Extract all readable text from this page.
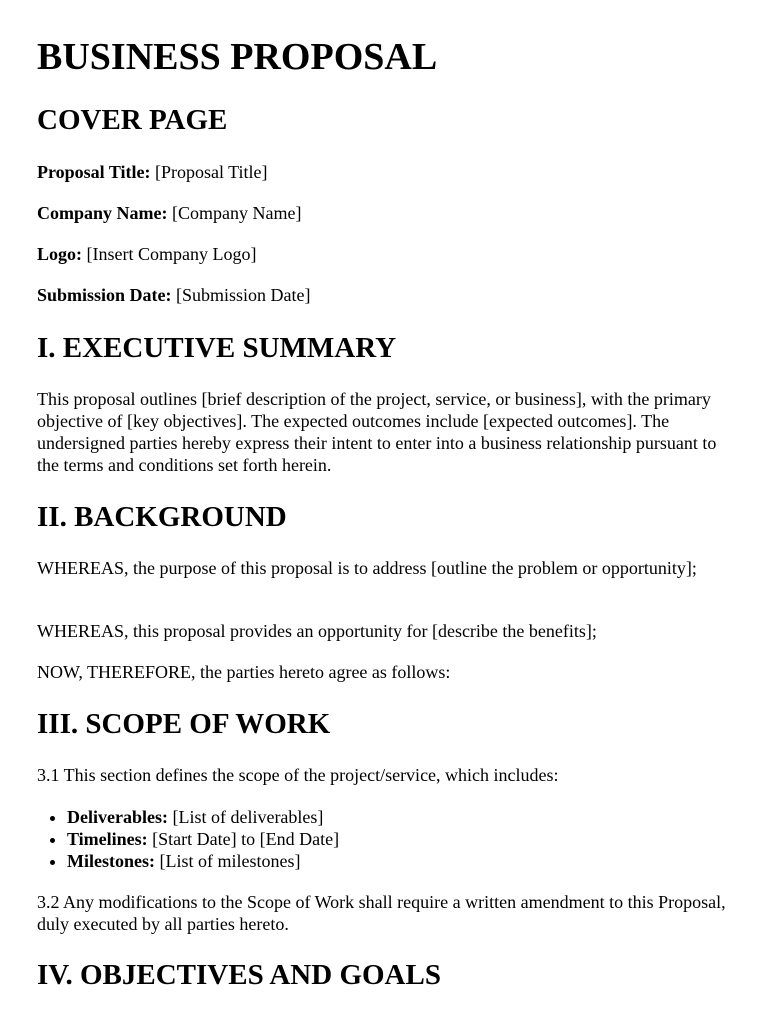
BUSINESS PROPOSAL
COVER PAGE

Proposal Title: [Proposal Title]

Company Name: [Company Name]

Logo: [Insert Company Logo]

Submission Date: [Submission Date]

I. EXECUTIVE SUMMARY

This proposal outlines [brief description of the project, service, or business], with the primary objective of [key objectives]. The expected outcomes include [expected outcomes]. The undersigned parties hereby express their intent to enter into a business relationship pursuant to the terms and conditions set forth herein.

II. BACKGROUND

WHEREAS, the purpose of this proposal is to address [outline the problem or opportunity];

WHEREAS, this proposal provides an opportunity for [describe the benefits];

NOW, THEREFORE, the parties hereto agree as follows:

III. SCOPE OF WORK

3.1 This section defines the scope of the project/service, which includes:

• Deliverables: [List of deliverables]
• Timelines: [Start Date] to [End Date]
• Milestones: [List of milestones]

3.2 Any modifications to the Scope of Work shall require a written amendment to this Proposal, duly executed by all parties hereto.

IV. OBJECTIVES AND GOALS
